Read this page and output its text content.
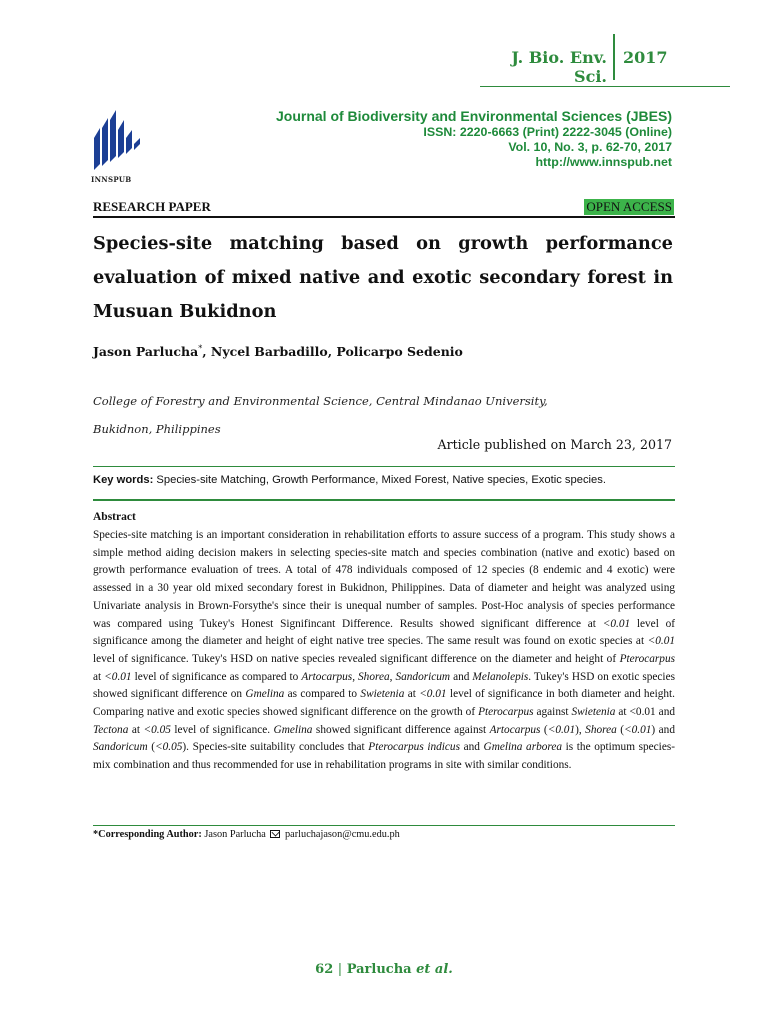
J. Bio. Env. Sci.
2017
INNSPUB
Journal of Biodiversity and Environmental Sciences (JBES)
ISSN: 2220-6663 (Print) 2222-3045 (Online)
Vol. 10, No. 3, p. 62-70, 2017
http://www.innspub.net
RESEARCH PAPER	OPEN ACCESS
Species-site matching based on growth performance evaluation of mixed native and exotic secondary forest in Musuan Bukidnon
Jason Parlucha*, Nycel Barbadillo, Policarpo Sedenio
College of Forestry and Environmental Science, Central Mindanao University,
Bukidnon, Philippines
Article published on March 23, 2017
Key words: Species-site Matching, Growth Performance, Mixed Forest, Native species, Exotic species.
Abstract
Species-site matching is an important consideration in rehabilitation efforts to assure success of a program. This study shows a simple method aiding decision makers in selecting species-site match and species combination (native and exotic) based on growth performance evaluation of trees. A total of 478 individuals composed of 12 species (8 endemic and 4 exotic) were assessed in a 30 year old mixed secondary forest in Bukidnon, Philippines. Data of diameter and height was analyzed using Univariate analysis in Brown-Forsythe's since their is unequal number of samples. Post-Hoc analysis of species performance was compared using Tukey's Honest Signifincant Difference. Results showed significant difference at <0.01 level of significance among the diameter and height of eight native tree species. The same result was found on exotic species at <0.01 level of significance. Tukey's HSD on native species revealed significant difference on the diameter and height of Pterocarpus at <0.01 level of significance as compared to Artocarpus, Shorea, Sandoricum and Melanolepis. Tukey's HSD on exotic species showed significant difference on Gmelina as compared to Swietenia at <0.01 level of significance in both diameter and height. Comparing native and exotic species showed significant difference on the growth of Pterocarpus against Swietenia at <0.01 and Tectona at <0.05 level of significance. Gmelina showed significant difference against Artocarpus (<0.01), Shorea (<0.01) and Sandoricum (<0.05). Species-site suitability concludes that Pterocarpus indicus and Gmelina arborea is the optimum species-mix combination and thus recommended for use in rehabilitation programs in site with similar conditions.
*Corresponding Author: Jason Parlucha parluchajason@cmu.edu.ph
62 | Parlucha et al.
